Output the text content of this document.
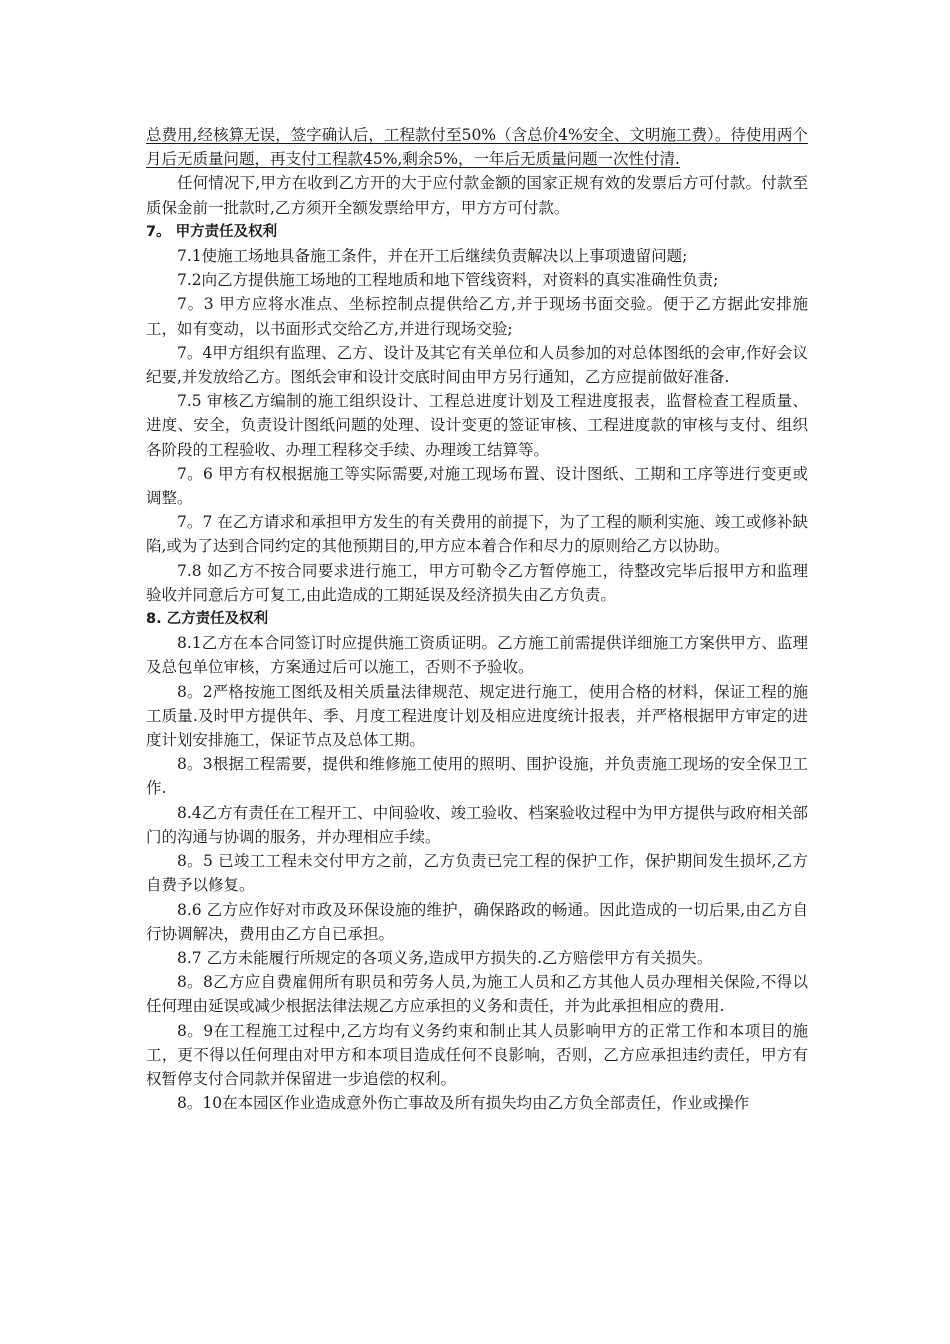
总费用,经核算无误，签字确认后，工程款付至50%（含总价4%安全、文明施工费）。待使用两个月后无质量问题，再支付工程款45%,剩余5%，一年后无质量问题一次性付清.

任何情况下,甲方在收到乙方开的大于应付款金额的国家正规有效的发票后方可付款。付款至质保金前一批款时,乙方须开全额发票给甲方，甲方方可付款。

7。 甲方责任及权利

7.1使施工场地具备施工条件，并在开工后继续负责解决以上事项遗留问题;

7.2向乙方提供施工场地的工程地质和地下管线资料，对资料的真实准确性负责;

7。3 甲方应将水准点、坐标控制点提供给乙方,并于现场书面交验。便于乙方据此安排施工，如有变动，以书面形式交给乙方,并进行现场交验;

7。4甲方组织有监理、乙方、设计及其它有关单位和人员参加的对总体图纸的会审,作好会议纪要,并发放给乙方。图纸会审和设计交底时间由甲方另行通知，乙方应提前做好准备.

7.5 审核乙方编制的施工组织设计、工程总进度计划及工程进度报表，监督检查工程质量、进度、安全，负责设计图纸问题的处理、设计变更的签证审核、工程进度款的审核与支付、组织各阶段的工程验收、办理工程移交手续、办理竣工结算等。

7。6 甲方有权根据施工等实际需要,对施工现场布置、设计图纸、工期和工序等进行变更或调整。

7。7 在乙方请求和承担甲方发生的有关费用的前提下，为了工程的顺利实施、竣工或修补缺陷,或为了达到合同约定的其他预期目的,甲方应本着合作和尽力的原则给乙方以协助。

7.8 如乙方不按合同要求进行施工，甲方可勒令乙方暂停施工，待整改完毕后报甲方和监理验收并同意后方可复工,由此造成的工期延误及经济损失由乙方负责。

8. 乙方责任及权利

8.1乙方在本合同签订时应提供施工资质证明。乙方施工前需提供详细施工方案供甲方、监理及总包单位审核，方案通过后可以施工，否则不予验收。

8。2严格按施工图纸及相关质量法律规范、规定进行施工，使用合格的材料，保证工程的施工质量.及时甲方提供年、季、月度工程进度计划及相应进度统计报表，并严格根据甲方审定的进度计划安排施工，保证节点及总体工期。

8。3根据工程需要，提供和维修施工使用的照明、围护设施，并负责施工现场的安全保卫工作.

8.4乙方有责任在工程开工、中间验收、竣工验收、档案验收过程中为甲方提供与政府相关部门的沟通与协调的服务，并办理相应手续。

8。5 已竣工工程未交付甲方之前，乙方负责已完工程的保护工作，保护期间发生损坏,乙方自费予以修复。

8.6 乙方应作好对市政及环保设施的维护，确保路政的畅通。因此造成的一切后果,由乙方自行协调解决，费用由乙方自已承担。

8.7 乙方未能履行所规定的各项义务,造成甲方损失的.乙方赔偿甲方有关损失。

8。8乙方应自费雇佣所有职员和劳务人员,为施工人员和乙方其他人员办理相关保险,不得以任何理由延误或减少根据法律法规乙方应承担的义务和责任，并为此承担相应的费用.

8。9在工程施工过程中,乙方均有义务约束和制止其人员影响甲方的正常工作和本项目的施工，更不得以任何理由对甲方和本项目造成任何不良影响，否则，乙方应承担违约责任，甲方有权暂停支付合同款并保留进一步追偿的权利。

8。10在本园区作业造成意外伤亡事故及所有损失均由乙方负全部责任，作业或操作
